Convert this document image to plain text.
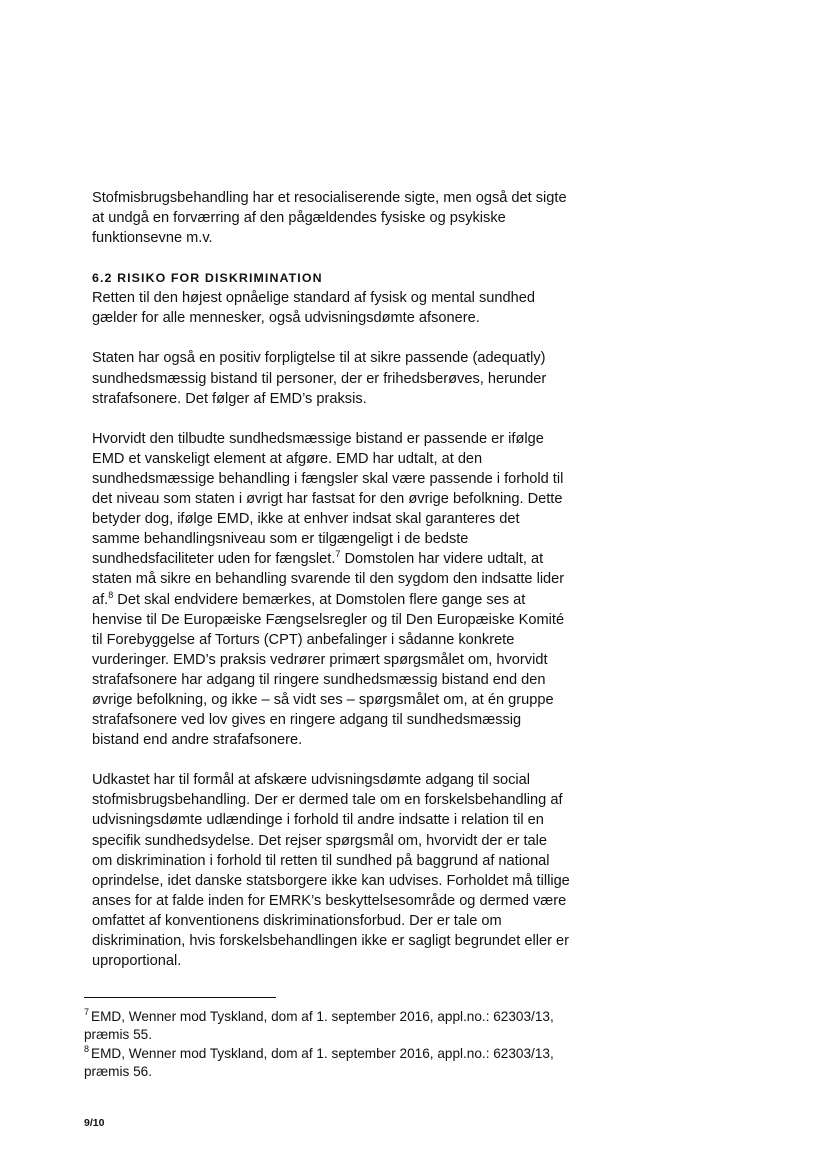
Stofmisbrugsbehandling har et resocialiserende sigte, men også det sigte at undgå en forværring af den pågældendes fysiske og psykiske funktionsevne m.v.

6.2 RISIKO FOR DISKRIMINATION

Retten til den højest opnåelige standard af fysisk og mental sundhed gælder for alle mennesker, også udvisningsdømte afsonere.

Staten har også en positiv forpligtelse til at sikre passende (adequatly) sundhedsmæssig bistand til personer, der er frihedsberøves, herunder strafafsonere. Det følger af EMD’s praksis.

Hvorvidt den tilbudte sundhedsmæssige bistand er passende er ifølge EMD et vanskeligt element at afgøre. EMD har udtalt, at den sundhedsmæssige behandling i fængsler skal være passende i forhold til det niveau som staten i øvrigt har fastsat for den øvrige befolkning. Dette betyder dog, ifølge EMD, ikke at enhver indsat skal garanteres det samme behandlingsniveau som er tilgængeligt i de bedste sundhedsfaciliteter uden for fængslet.$^7$ Domstolen har videre udtalt, at staten må sikre en behandling svarende til den sygdom den indsatte lider af.$^8$ Det skal endvidere bemærkes, at Domstolen flere gange ses at henvise til De Europæiske Fængselsregler og til Den Europæiske Komité til Forebyggelse af Torturs (CPT) anbefalinger i sådanne konkrete vurderinger. EMD’s praksis vedrører primært spørgsmålet om, hvorvidt strafafsonere har adgang til ringere sundhedsmæssig bistand end den øvrige befolkning, og ikke – så vidt ses – spørgsmålet om, at én gruppe strafafsonere ved lov gives en ringere adgang til sundhedsmæssig bistand end andre strafafsonere.

Udkastet har til formål at afskære udvisningsdømte adgang til social stofmisbrugsbehandling. Der er dermed tale om en forskelsbehandling af udvisningsdømte udlændinge i forhold til andre indsatte i relation til en specifik sundhedsydelse. Det rejser spørgsmål om, hvorvidt der er tale om diskrimination i forhold til retten til sundhed på baggrund af national oprindelse, idet danske statsborgere ikke kan udvises. Forholdet må tillige anses for at falde inden for EMRK’s beskyttelsesområde og dermed være omfattet af konventionens diskriminationsforbud. Der er tale om diskrimination, hvis forskelsbehandlingen ikke er sagligt begrundet eller er uproportional.

$^7$ EMD, Wenner mod Tyskland, dom af 1. september 2016, appl.no.: 62303/13, præmis 55.

$^8$ EMD, Wenner mod Tyskland, dom af 1. september 2016, appl.no.: 62303/13, præmis 56.

9/10
